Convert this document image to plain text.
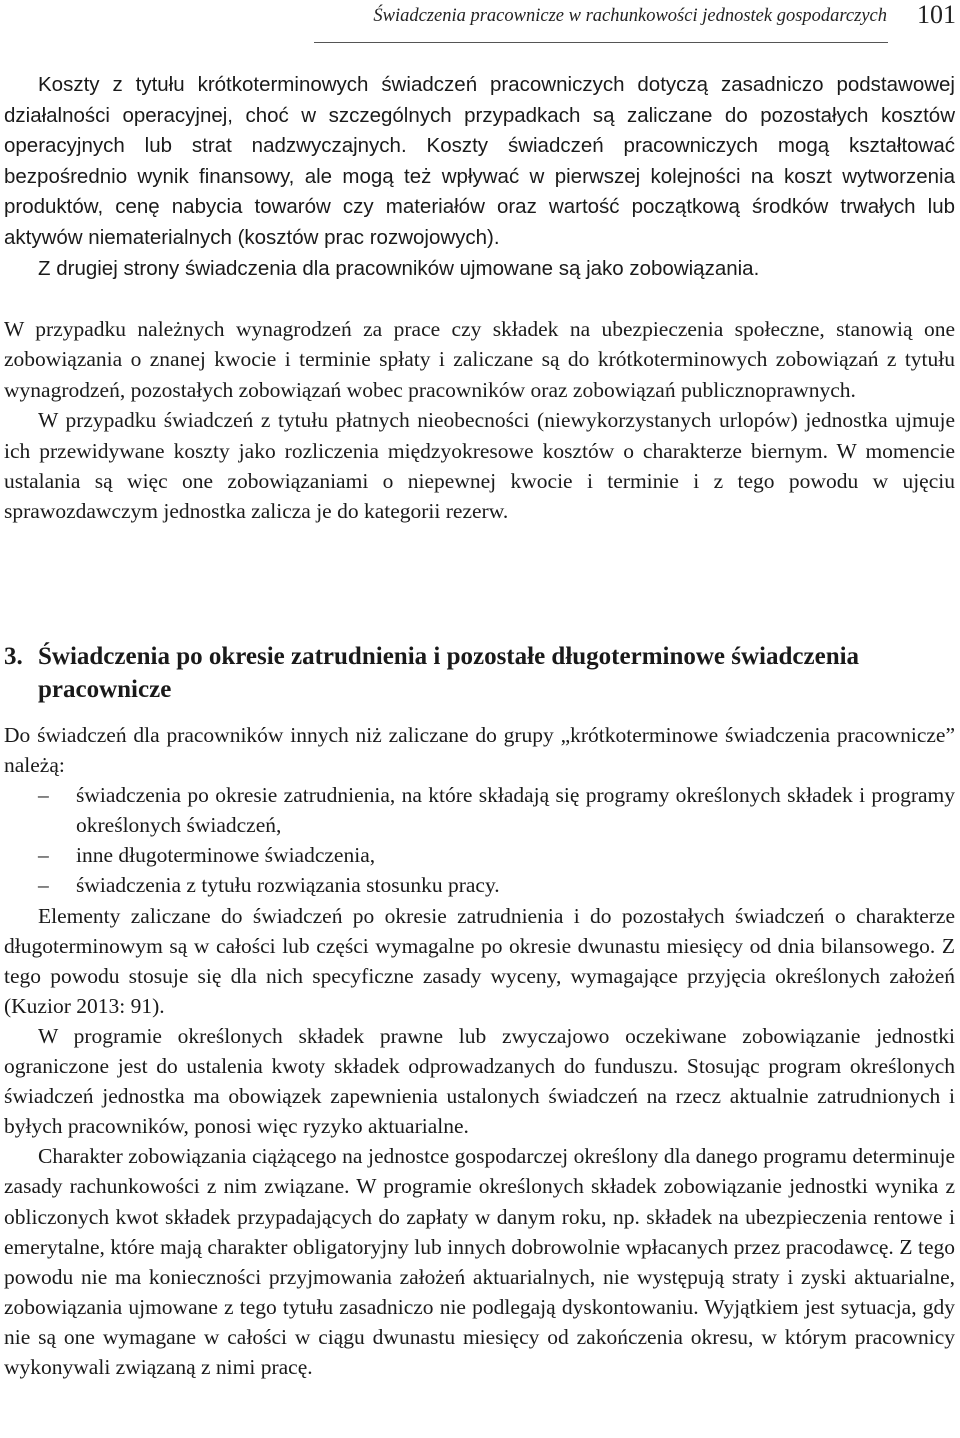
Świadczenia pracownicze w rachunkowości jednostek gospodarczych 101

Koszty z tytułu krótkoterminowych świadczeń pracowniczych dotyczą zasadniczo podstawowej działalności operacyjnej, choć w szczególnych przypadkach są zaliczane do pozostałych kosztów operacyjnych lub strat nadzwyczajnych. Koszty świadczeń pracowniczych mogą kształtować bezpośrednio wynik finansowy, ale mogą też wpływać w pierwszej kolejności na koszt wytworzenia produktów, cenę nabycia towarów czy materiałów oraz wartość początkową środków trwałych lub aktywów niematerialnych (kosztów prac rozwojowych).

Z drugiej strony świadczenia dla pracowników ujmowane są jako zobowiązania.

W przypadku należnych wynagrodzeń za prace czy składek na ubezpieczenia społeczne, stanowią one zobowiązania o znanej kwocie i terminie spłaty i zaliczane są do krótkoterminowych zobowiązań z tytułu wynagrodzeń, pozostałych zobowiązań wobec pracowników oraz zobowiązań publicznoprawnych.

W przypadku świadczeń z tytułu płatnych nieobecności (niewykorzystanych urlopów) jednostka ujmuje ich przewidywane koszty jako rozliczenia międzyokresowe kosztów o charakterze biernym. W momencie ustalania są więc one zobowiązaniami o niepewnej kwocie i terminie i z tego powodu w ujęciu sprawozdawczym jednostka zalicza je do kategorii rezerw.

3. Świadczenia po okresie zatrudnienia i pozostałe długoterminowe świadczenia pracownicze

Do świadczeń dla pracowników innych niż zaliczane do grupy „krótkoterminowe świadczenia pracownicze” należą:

– świadczenia po okresie zatrudnienia, na które składają się programy określonych składek i programy określonych świadczeń,
– inne długoterminowe świadczenia,
– świadczenia z tytułu rozwiązania stosunku pracy.

Elementy zaliczane do świadczeń po okresie zatrudnienia i do pozostałych świadczeń o charakterze długoterminowym są w całości lub części wymagalne po okresie dwunastu miesięcy od dnia bilansowego. Z tego powodu stosuje się dla nich specyficzne zasady wyceny, wymagające przyjęcia określonych założeń (Kuzior 2013: 91).

W programie określonych składek prawne lub zwyczajowo oczekiwane zobowiązanie jednostki ograniczone jest do ustalenia kwoty składek odprowadzanych do funduszu. Stosując program określonych świadczeń jednostka ma obowiązek zapewnienia ustalonych świadczeń na rzecz aktualnie zatrudnionych i byłych pracowników, ponosi więc ryzyko aktuarialne.

Charakter zobowiązania ciążącego na jednostce gospodarczej określony dla danego programu determinuje zasady rachunkowości z nim związane. W programie określonych składek zobowiązanie jednostki wynika z obliczonych kwot składek przypadających do zapłaty w danym roku, np. składek na ubezpieczenia rentowe i emerytalne, które mają charakter obligatoryjny lub innych dobrowolnie wpłacanych przez pracodawcę. Z tego powodu nie ma konieczności przyjmowania założeń aktuarialnych, nie występują straty i zyski aktuarialne, zobowiązania ujmowane z tego tytułu zasadniczo nie podlegają dyskontowaniu. Wyjątkiem jest sytuacja, gdy nie są one wymagane w całości w ciągu dwunastu miesięcy od zakończenia okresu, w którym pracownicy wykonywali związaną z nimi pracę.
